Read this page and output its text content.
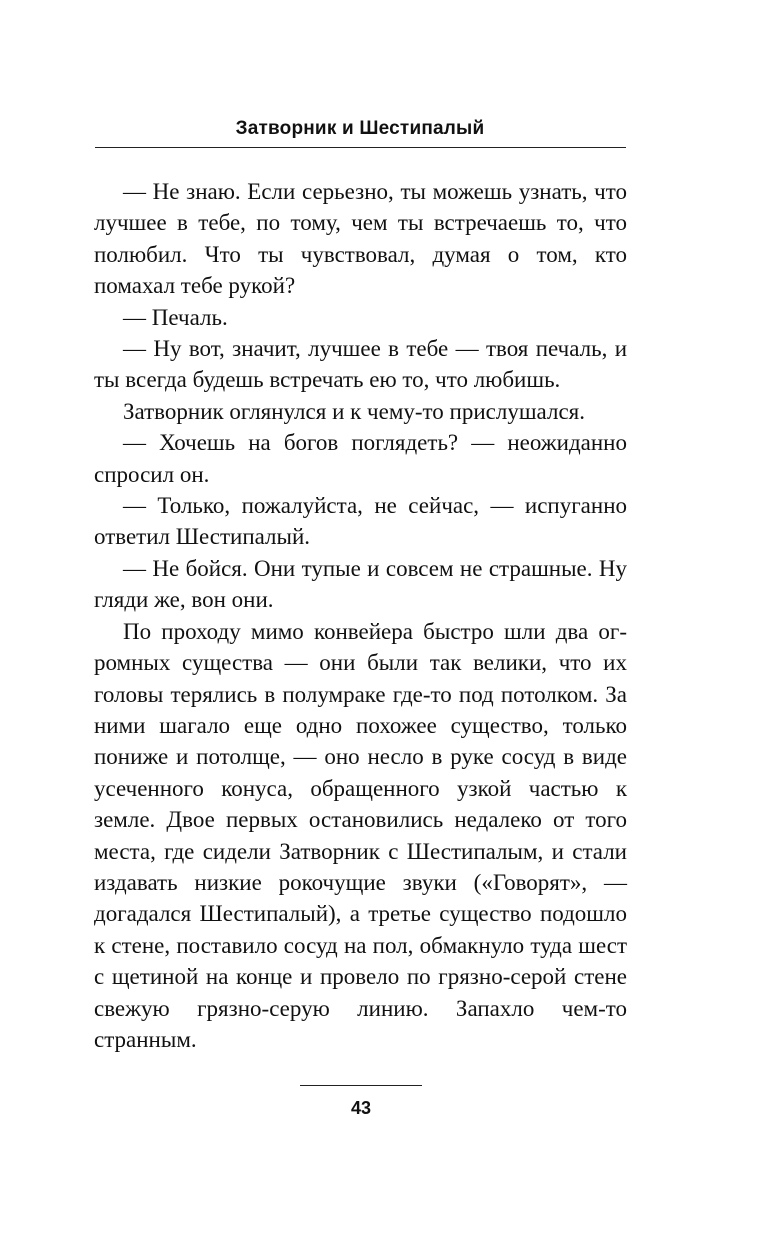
Затворник и Шестипалый

— Не знаю. Если серьезно, ты можешь узнать, что лучшее в тебе, по тому, чем ты встречаешь то, что полюбил. Что ты чувствовал, думая о том, кто помахал тебе рукой?

— Печаль.

— Ну вот, значит, лучшее в тебе — твоя печаль, и ты всегда будешь встречать ею то, что любишь.

Затворник оглянулся и к чему-то прислушался.

— Хочешь на богов поглядеть? — неожиданно спросил он.

— Только, пожалуйста, не сейчас, — испуганно ответил Шестипалый.

— Не бойся. Они тупые и совсем не страшные. Ну гляди же, вон они.

По проходу мимо конвейера быстро шли два огромных существа — они были так велики, что их головы терялись в полумраке где-то под потолком. За ними шагало еще одно похожее существо, только пониже и потолще, — оно несло в руке сосуд в виде усеченного конуса, обращенного узкой частью к земле. Двое первых остановились недалеко от того места, где сидели Затворник с Шестипалым, и стали издавать низкие рокочущие звуки («Говорят», — догадался Шестипалый), а третье существо подошло к стене, поставило сосуд на пол, обмакнуло туда шест с щетиной на конце и провело по грязно-серой стене свежую грязно-серую линию. Запахло чем-то странным.

43
